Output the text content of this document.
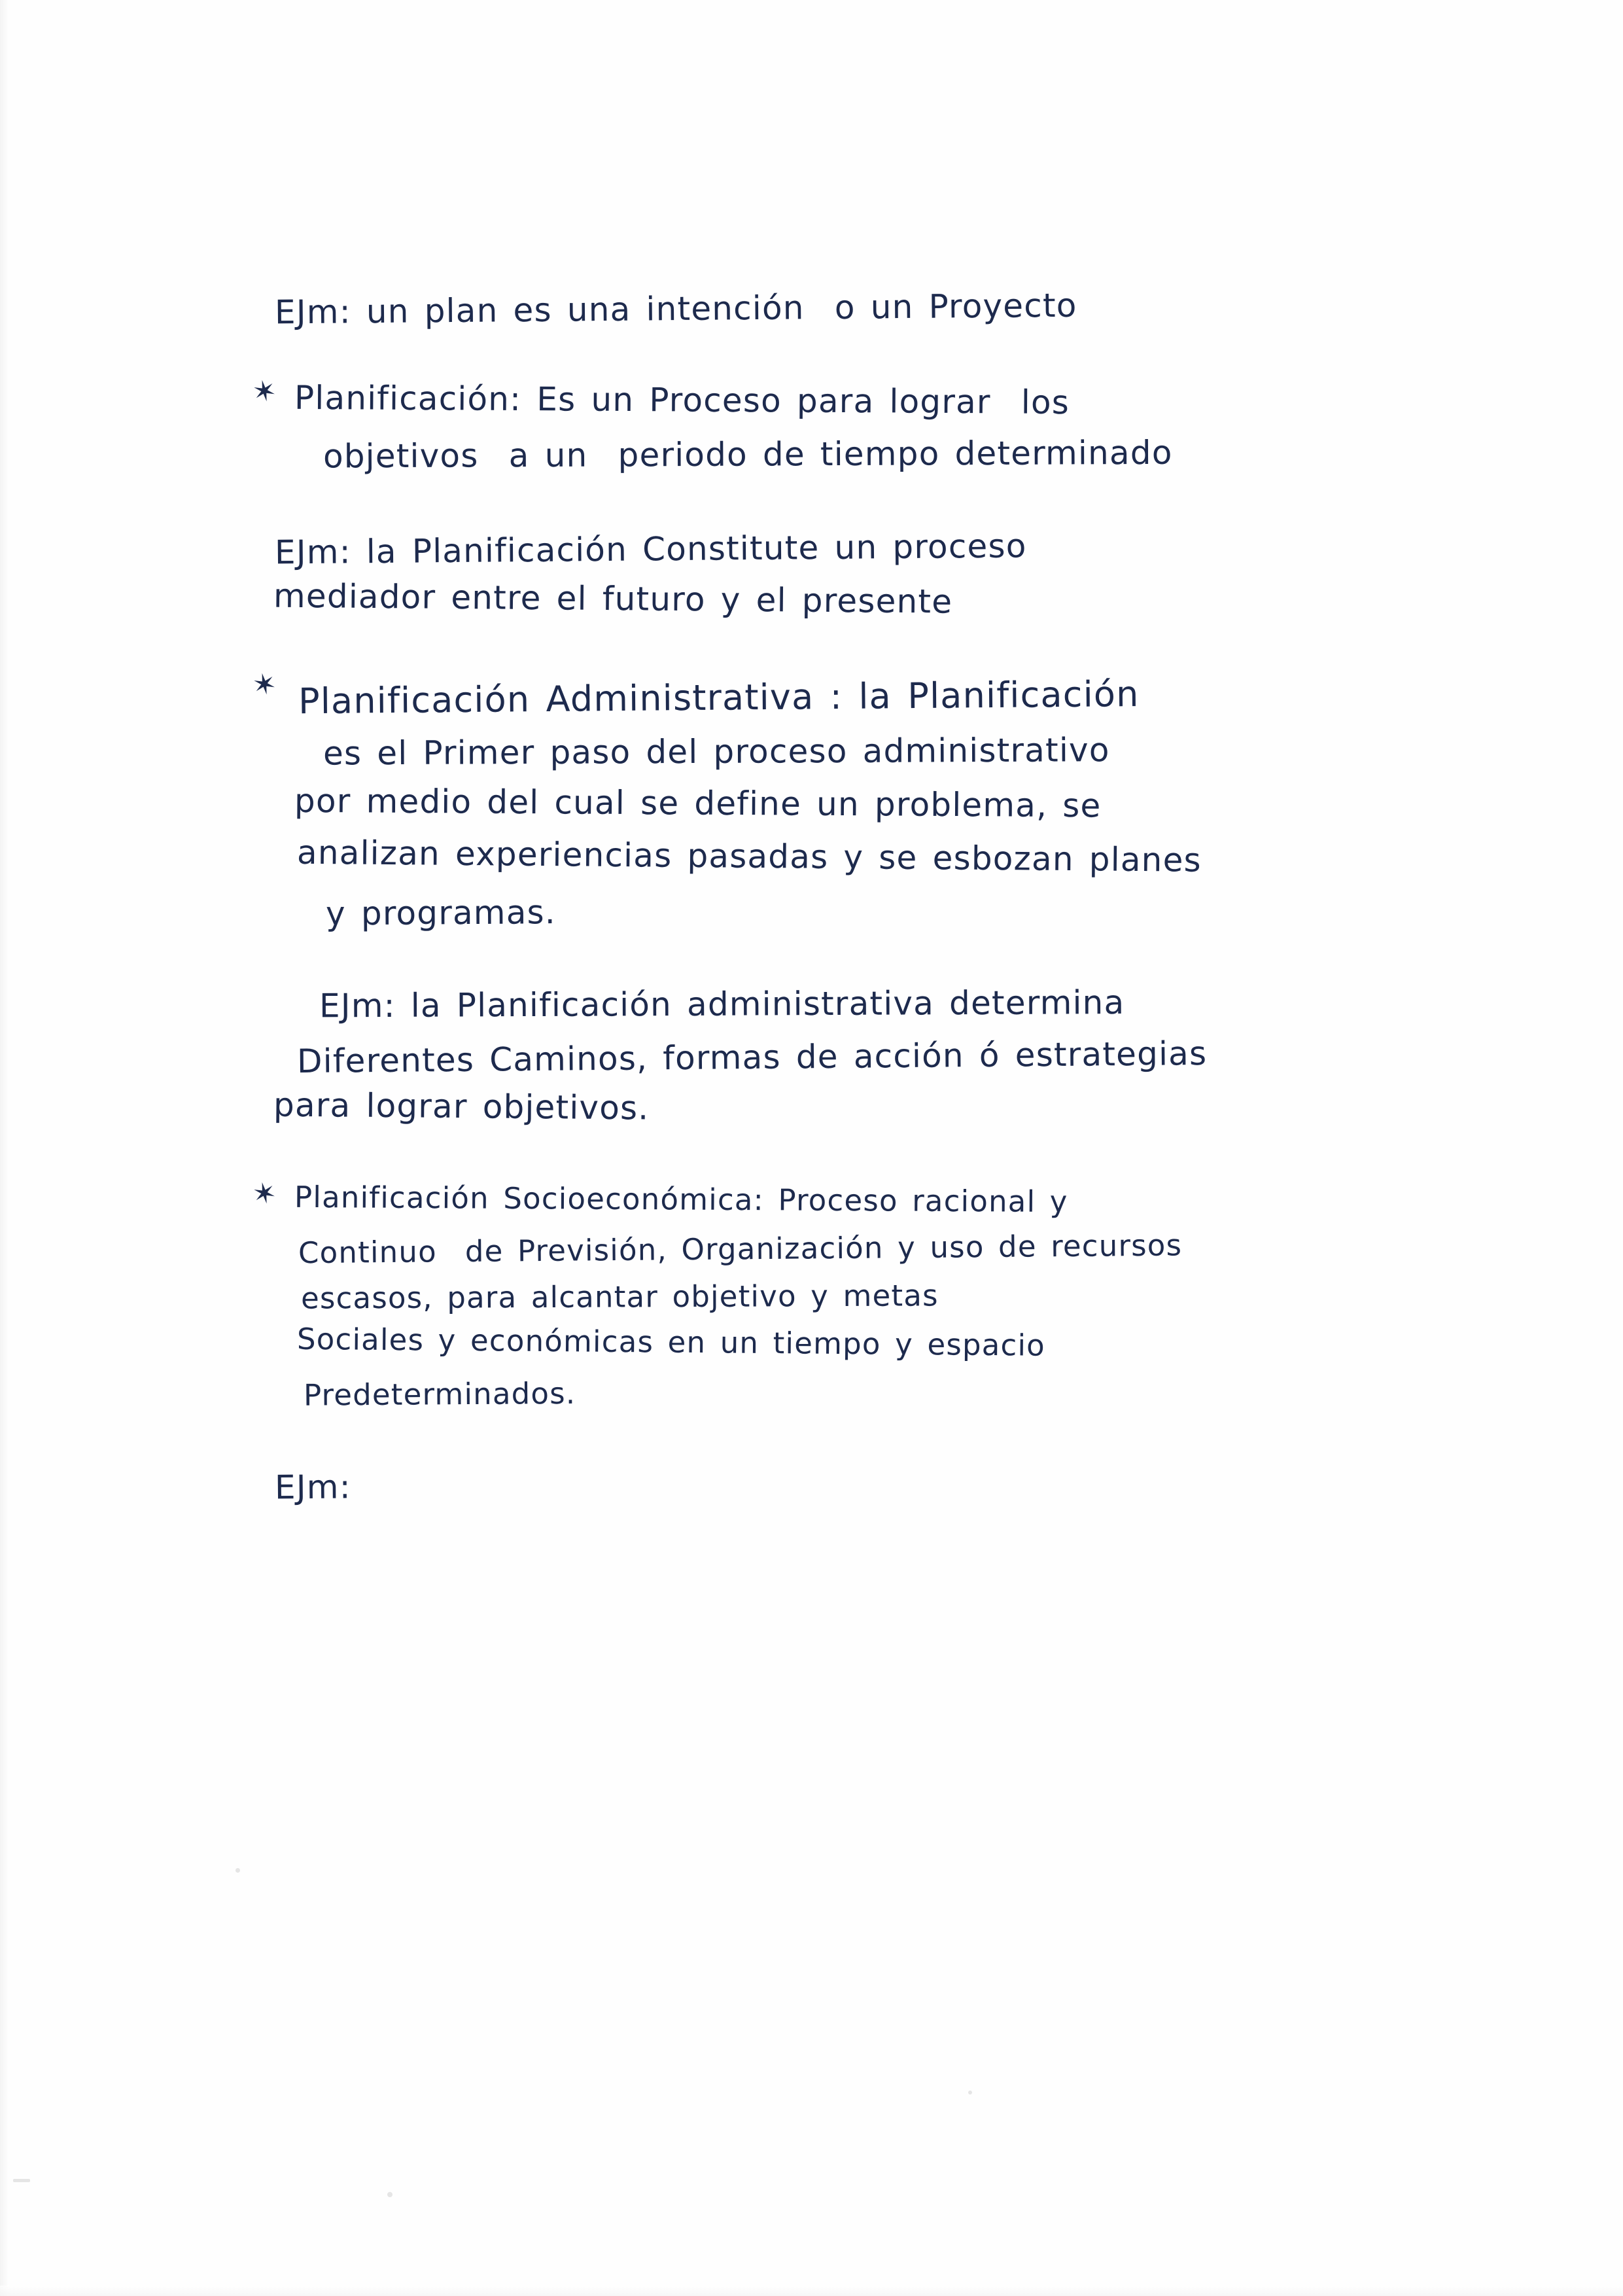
EJm: un plan es una intención  o un Proyecto
✶ Planificación: Es un Proceso para lograr  los
objetivos  a un  periodo de tiempo determinado
EJm: la Planificación Constitute un proceso
mediador entre el futuro y el presente
✶ Planificación Administrativa : la Planificación
es el Primer paso del proceso administrativo
por medio del cual se define un problema, se
analizan experiencias pasadas y se esbozan planes
y programas.
EJm: la Planificación administrativa determina
Diferentes Caminos, formas de acción ó estrategias
para lograr objetivos.
✶ Planificación Socioeconómica: Proceso racional y
Continuo  de Previsión, Organización y uso de recursos
escasos, para alcantar objetivo y metas
Sociales y económicas en un tiempo y espacio
Predeterminados.
EJm:
